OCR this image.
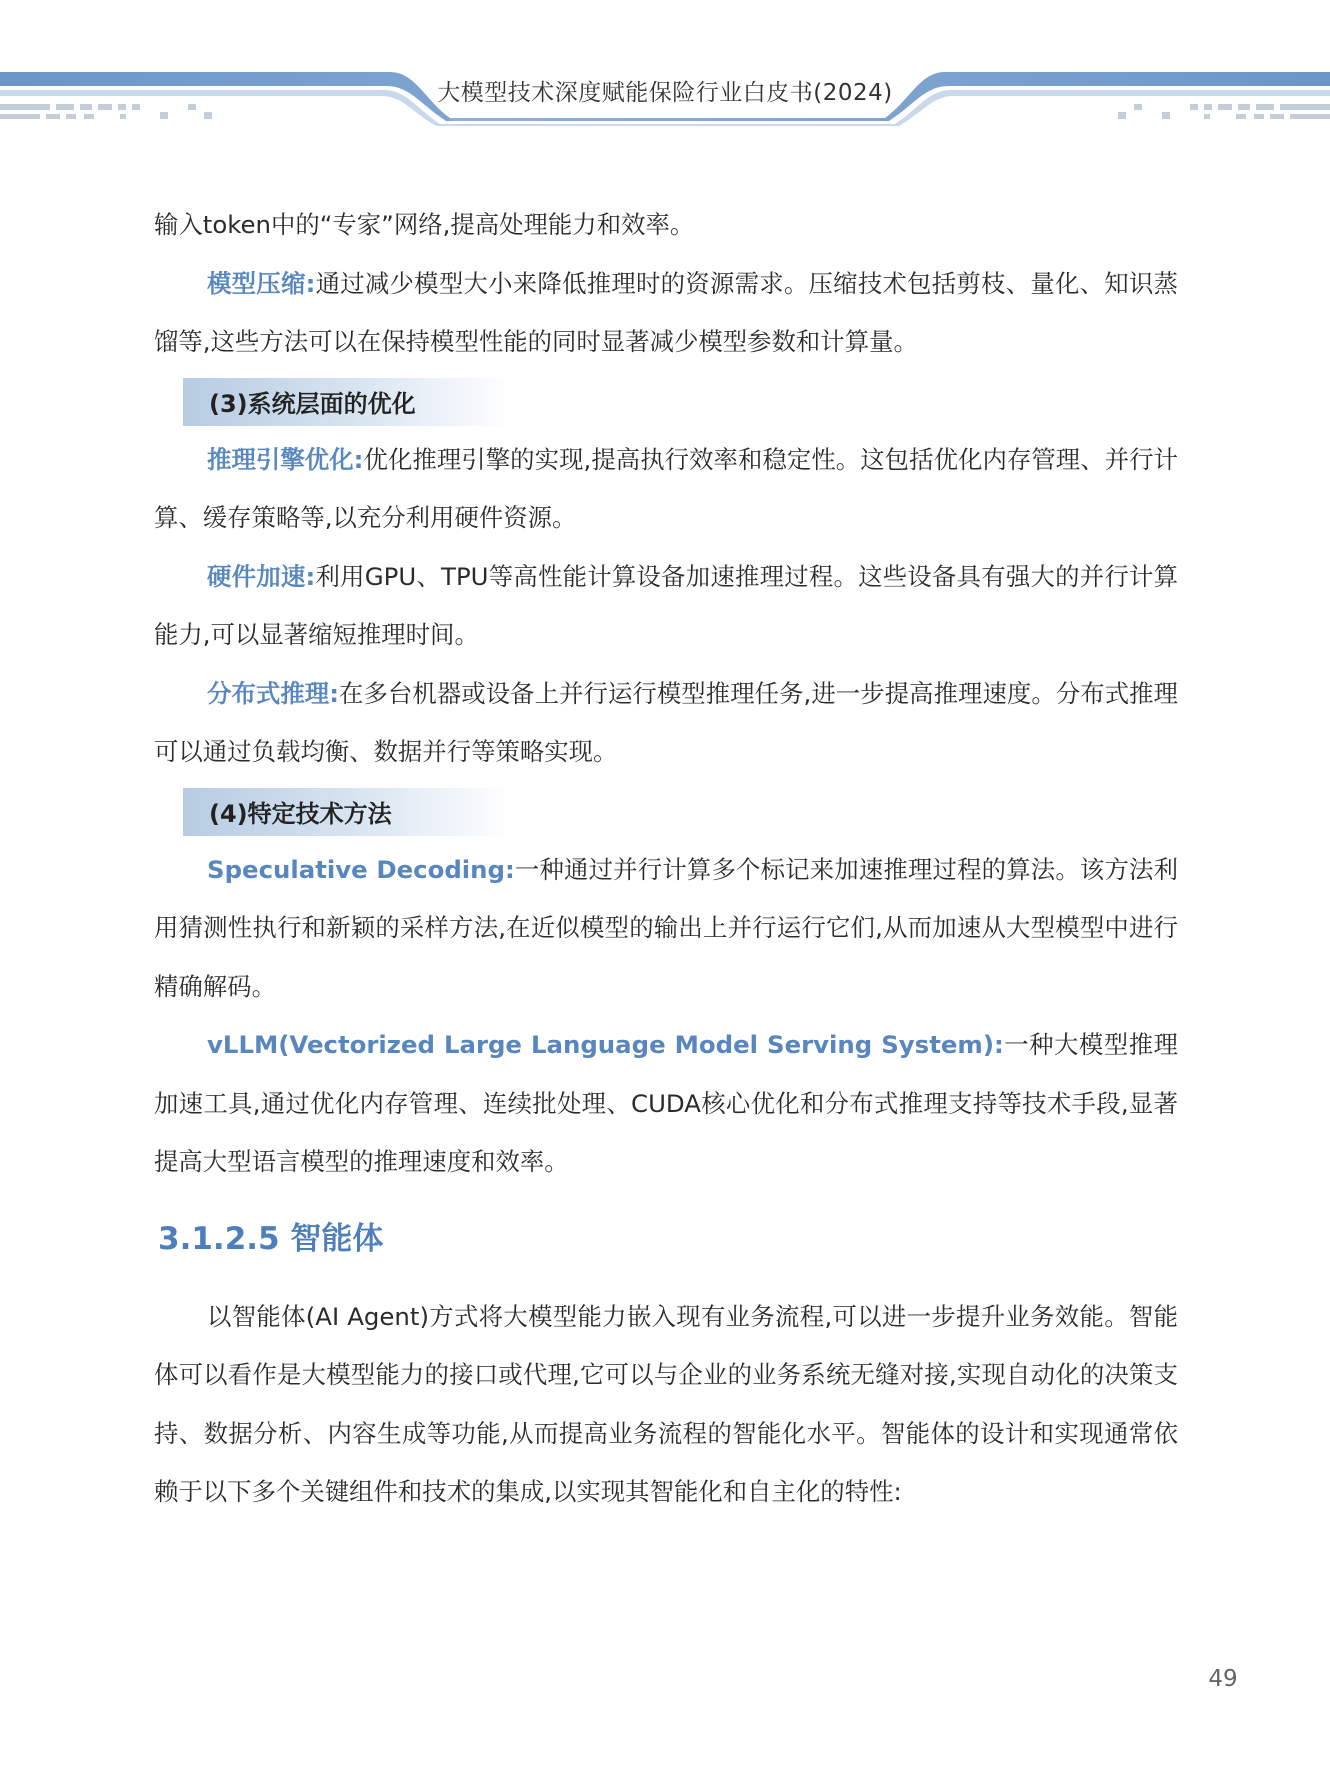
大模型技术深度赋能保险行业白皮书(2024)

输入token中的“专家”网络,提高处理能力和效率。

模型压缩:通过减少模型大小来降低推理时的资源需求。压缩技术包括剪枝、量化、知识蒸馏等,这些方法可以在保持模型性能的同时显著减少模型参数和计算量。

(3)系统层面的优化

推理引擎优化:优化推理引擎的实现,提高执行效率和稳定性。这包括优化内存管理、并行计算、缓存策略等,以充分利用硬件资源。

硬件加速:利用GPU、TPU等高性能计算设备加速推理过程。这些设备具有强大的并行计算能力,可以显著缩短推理时间。

分布式推理:在多台机器或设备上并行运行模型推理任务,进一步提高推理速度。分布式推理可以通过负载均衡、数据并行等策略实现。

(4)特定技术方法

Speculative Decoding:一种通过并行计算多个标记来加速推理过程的算法。该方法利用猜测性执行和新颖的采样方法,在近似模型的输出上并行运行它们,从而加速从大型模型中进行精确解码。

vLLM(Vectorized Large Language Model Serving System):一种大模型推理加速工具,通过优化内存管理、连续批处理、CUDA核心优化和分布式推理支持等技术手段,显著提高大型语言模型的推理速度和效率。

3.1.2.5 智能体

以智能体(AI Agent)方式将大模型能力嵌入现有业务流程,可以进一步提升业务效能。智能体可以看作是大模型能力的接口或代理,它可以与企业的业务系统无缝对接,实现自动化的决策支持、数据分析、内容生成等功能,从而提高业务流程的智能化水平。智能体的设计和实现通常依赖于以下多个关键组件和技术的集成,以实现其智能化和自主化的特性:

49
